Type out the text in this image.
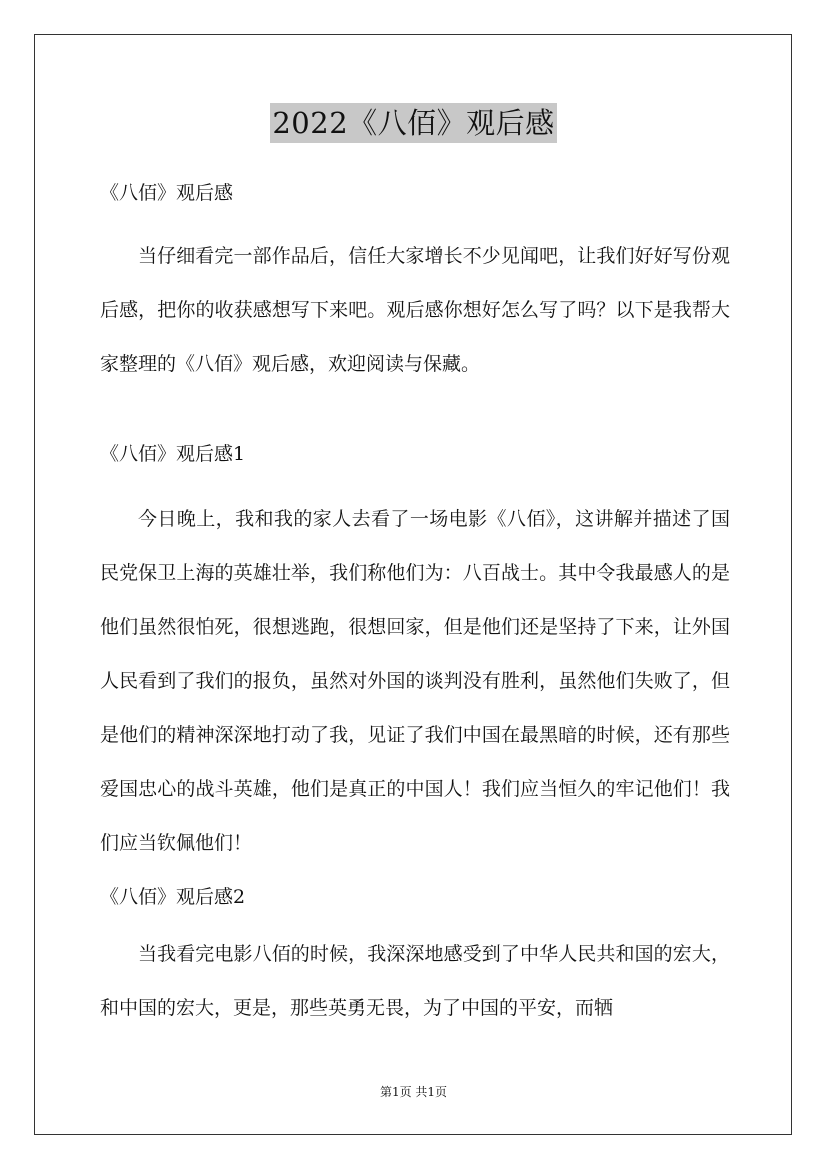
2022《八佰》观后感

《八佰》观后感

当仔细看完一部作品后，信任大家增长不少见闻吧，让我们好好写份观后感，把你的收获感想写下来吧。观后感你想好怎么写了吗？以下是我帮大家整理的《八佰》观后感，欢迎阅读与保藏。

《八佰》观后感1

今日晚上，我和我的家人去看了一场电影《八佰》，这讲解并描述了国民党保卫上海的英雄壮举，我们称他们为：八百战士。其中令我最感人的是他们虽然很怕死，很想逃跑，很想回家，但是他们还是坚持了下来，让外国人民看到了我们的报负，虽然对外国的谈判没有胜利，虽然他们失败了，但是他们的精神深深地打动了我，见证了我们中国在最黑暗的时候，还有那些爱国忠心的战斗英雄，他们是真正的中国人！我们应当恒久的牢记他们！我们应当钦佩他们！

《八佰》观后感2

当我看完电影八佰的时候，我深深地感受到了中华人民共和国的宏大，和中国的宏大，更是，那些英勇无畏，为了中国的平安，而牺

第1页 共1页
